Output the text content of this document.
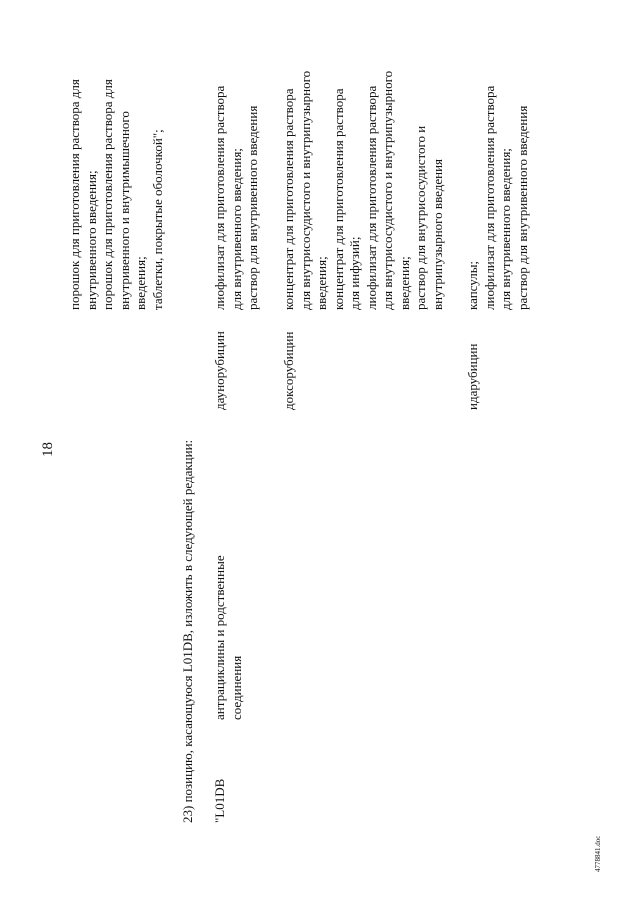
18
порошок для приготовления раствора для внутривенного введения; порошок для приготовления раствора для внутривенного и внутримышечного введения; таблетки, покрытые оболочкой";
23) позицию, касающуюся L01DB, изложить в следующей редакции: "L01DB
антрациклины и родственные соединения
даунорубицин
лиофилизат для приготовления раствора для внутривенного введения; раствор для внутривенного введения
доксорубицин
концентрат для приготовления раствора для внутрисосудистого и внутрипузырного введения; концентрат для приготовления раствора для инфузий; лиофилизат для приготовления раствора для внутрисосудистого и внутрипузырного введения; раствор для внутрисосудистого и внутрипузырного введения
идарубицин
капсулы; лиофилизат для приготовления раствора для внутривенного введения; раствор для внутривенного введения
4778841.doc
